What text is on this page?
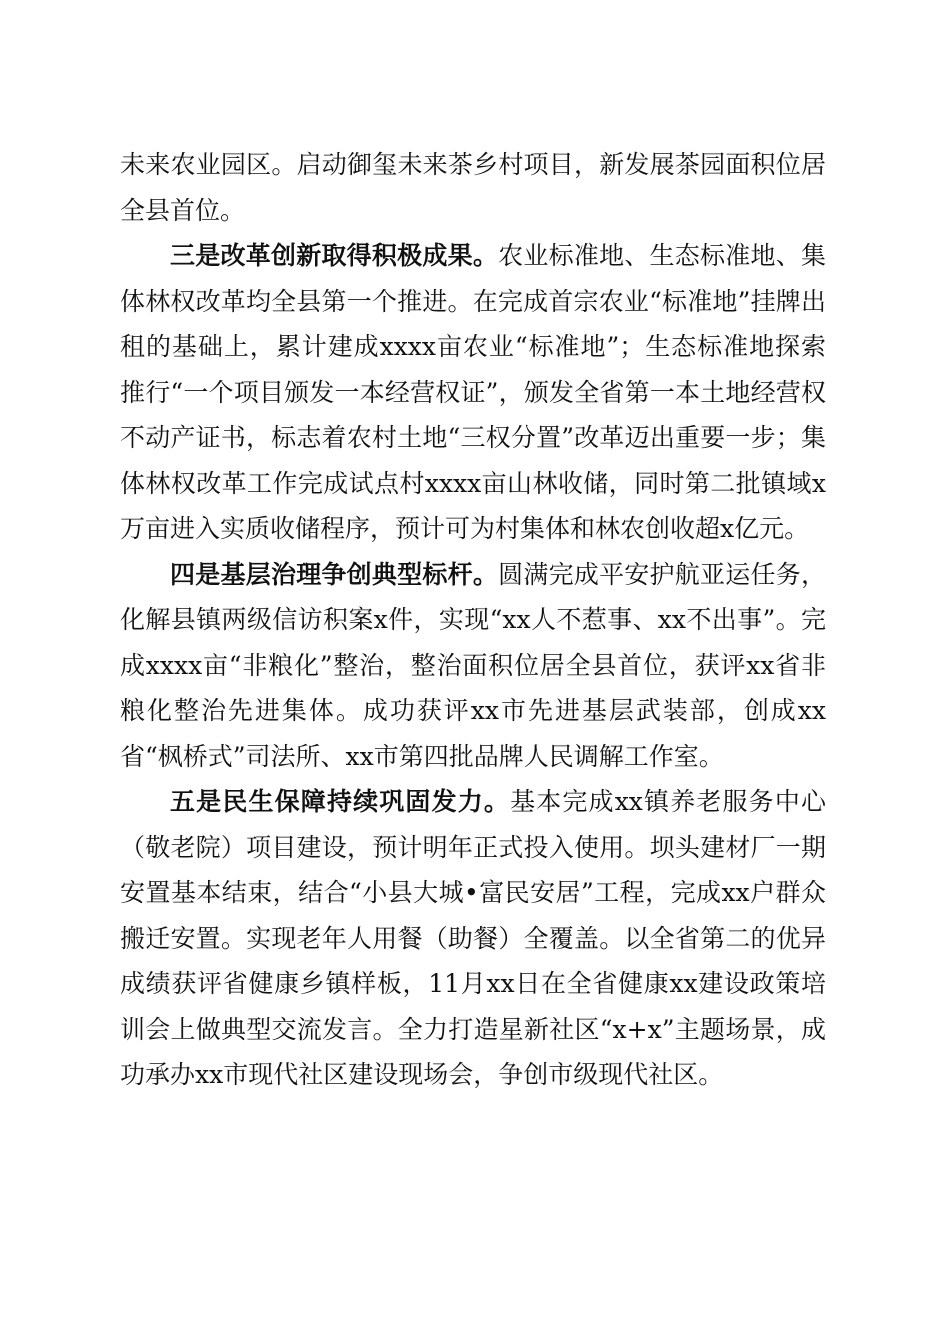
未来农业园区。启动御玺未来茶乡村项目，新发展茶园面积位居全县首位。

三是改革创新取得积极成果。农业标准地、生态标准地、集体林权改革均全县第一个推进。在完成首宗农业“标准地”挂牌出租的基础上，累计建成xxxx亩农业“标准地”；生态标准地探索推行“一个项目颁发一本经营权证”，颁发全省第一本土地经营权不动产证书，标志着农村土地“三权分置”改革迈出重要一步；集体林权改革工作完成试点村xxxx亩山林收储，同时第二批镇域x万亩进入实质收储程序，预计可为村集体和林农创收超x亿元。

四是基层治理争创典型标杆。圆满完成平安护航亚运任务，化解县镇两级信访积案x件，实现“xx人不惹事、xx不出事”。完成xxxx亩“非粮化”整治，整治面积位居全县首位，获评xx省非粮化整治先进集体。成功获评xx市先进基层武装部，创成xx省“枫桥式”司法所、xx市第四批品牌人民调解工作室。

五是民生保障持续巩固发力。基本完成xx镇养老服务中心（敬老院）项目建设，预计明年正式投入使用。坝头建材厂一期安置基本结束，结合“小县大城•富民安居”工程，完成xx户群众搬迁安置。实现老年人用餐（助餐）全覆盖。以全省第二的优异成绩获评省健康乡镇样板，11月xx日在全省健康xx建设政策培训会上做典型交流发言。全力打造星新社区“x+x”主题场景，成功承办xx市现代社区建设现场会，争创市级现代社区。
